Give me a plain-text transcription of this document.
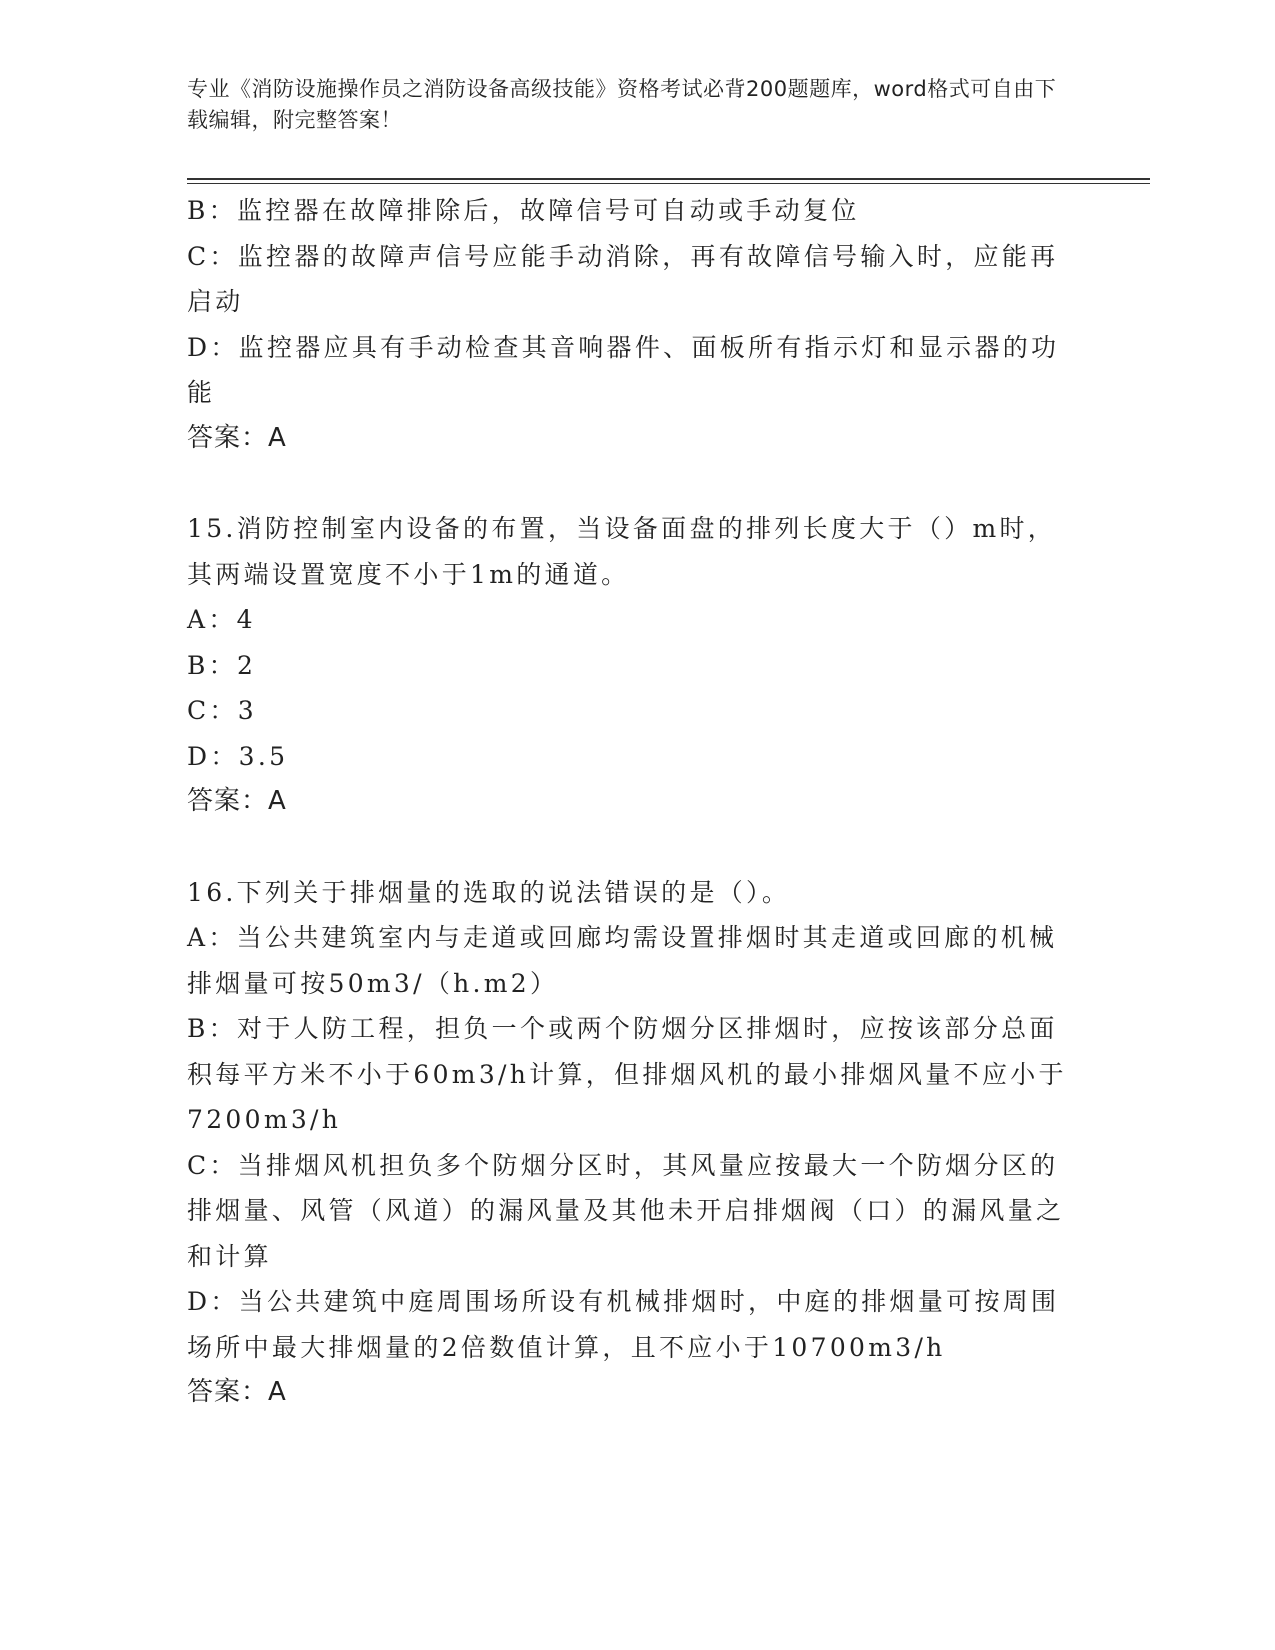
专业《消防设施操作员之消防设备高级技能》资格考试必背200题题库，word格式可自由下载编辑，附完整答案！

B：监控器在故障排除后，故障信号可自动或手动复位

C：监控器的故障声信号应能手动消除，再有故障信号输入时，应能再启动

D：监控器应具有手动检查其音响器件、面板所有指示灯和显示器的功能

答案：A

15.消防控制室内设备的布置，当设备面盘的排列长度大于（）m时，其两端设置宽度不小于1m的通道。

A：4

B：2

C：3

D：3.5

答案：A

16.下列关于排烟量的选取的说法错误的是（）。

A：当公共建筑室内与走道或回廊均需设置排烟时其走道或回廊的机械排烟量可按50m3/（h.m2）

B：对于人防工程，担负一个或两个防烟分区排烟时，应按该部分总面积每平方米不小于60m3/h计算，但排烟风机的最小排烟风量不应小于7200m3/h

C：当排烟风机担负多个防烟分区时，其风量应按最大一个防烟分区的排烟量、风管（风道）的漏风量及其他未开启排烟阀（口）的漏风量之和计算

D：当公共建筑中庭周围场所设有机械排烟时，中庭的排烟量可按周围场所中最大排烟量的2倍数值计算，且不应小于10700m3/h

答案：A
